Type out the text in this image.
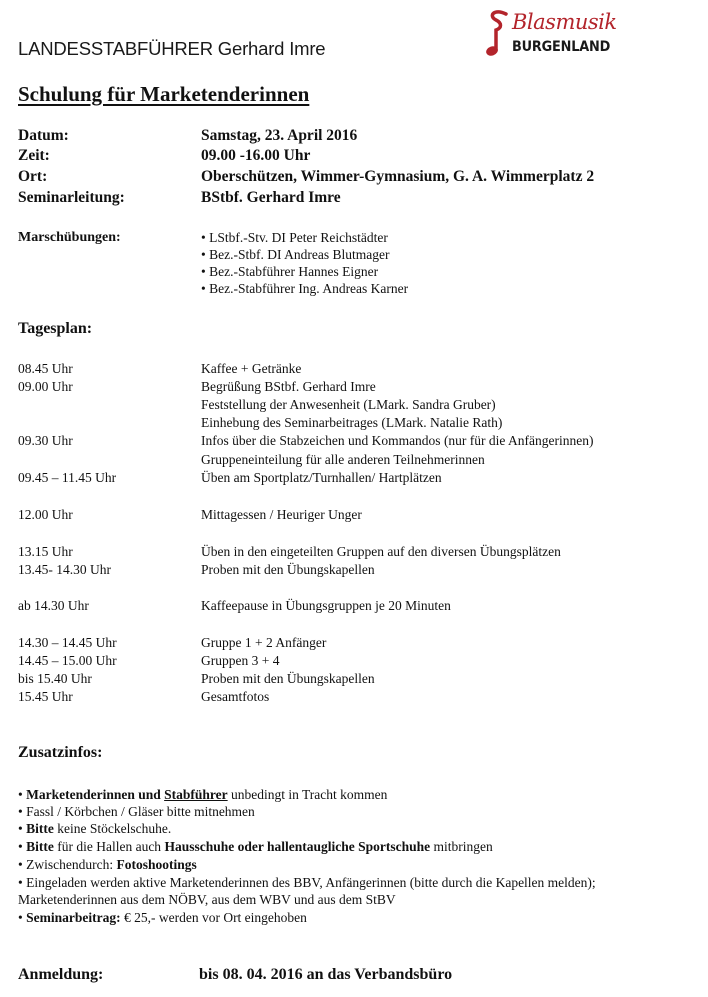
LANDESSTABFÜHRER Gerhard Imre
Blasmusik
BURGENLAND
Schulung für Marketenderinnen
Datum:	Samstag, 23. April 2016
Zeit:	09.00 -16.00 Uhr
Ort:	Oberschützen, Wimmer-Gymnasium, G. A. Wimmerplatz 2
Seminarleitung:	BStbf. Gerhard Imre
Marschübungen:	• LStbf.-Stv. DI Peter Reichstädter
• Bez.-Stbf. DI Andreas Blutmager
• Bez.-Stabführer Hannes Eigner
• Bez.-Stabführer Ing. Andreas Karner
Tagesplan:
08.45 Uhr	Kaffee + Getränke
09.00 Uhr	Begrüßung BStbf. Gerhard Imre
Feststellung der Anwesenheit (LMark. Sandra Gruber)
Einhebung des Seminarbeitrages (LMark. Natalie Rath)
09.30 Uhr	Infos über die Stabzeichen und Kommandos (nur für die Anfängerinnen)
Gruppeneinteilung für alle anderen Teilnehmerinnen
09.45 – 11.45 Uhr	Üben am Sportplatz/Turnhallen/ Hartplätzen
12.00 Uhr	Mittagessen / Heuriger Unger
13.15 Uhr	Üben in den eingeteilten Gruppen auf den diversen Übungsplätzen
13.45- 14.30 Uhr	Proben mit den Übungskapellen
ab 14.30 Uhr	Kaffeepause in Übungsgruppen je 20 Minuten
14.30 – 14.45 Uhr	Gruppe 1 + 2 Anfänger
14.45 – 15.00 Uhr	Gruppen 3 + 4
bis 15.40 Uhr	Proben mit den Übungskapellen
15.45 Uhr	Gesamtfotos
Zusatzinfos:
• Marketenderinnen und Stabführer unbedingt in Tracht kommen
• Fassl / Körbchen / Gläser bitte mitnehmen
• Bitte keine Stöckelschuhe.
• Bitte für die Hallen auch Hausschuhe oder hallentaugliche Sportschuhe mitbringen
• Zwischendurch: Fotoshootings
• Eingeladen werden aktive Marketenderinnen des BBV, Anfängerinnen (bitte durch die Kapellen melden);
Marketenderinnen aus dem NÖBV, aus dem WBV und aus dem StBV
• Seminarbeitrag: € 25,- werden vor Ort eingehoben
Anmeldung:	bis 08. 04. 2016 an das Verbandsbüro
